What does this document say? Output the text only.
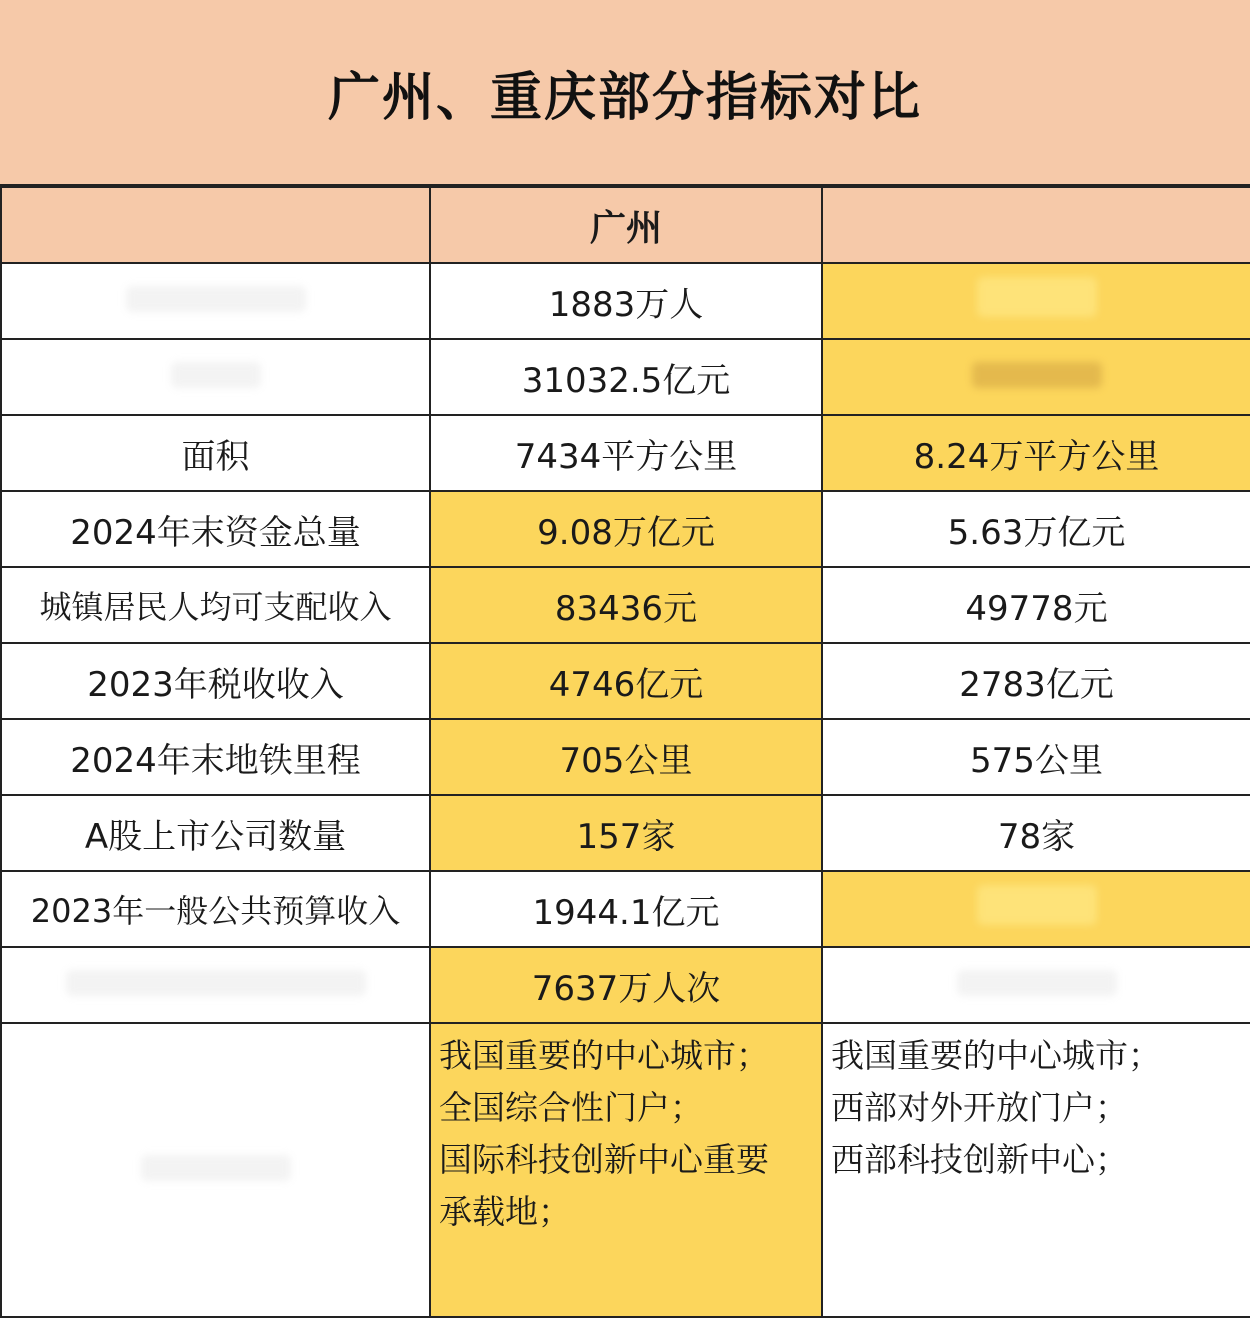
广州、重庆部分指标对比
	广州	
	1883万人	
	31032.5亿元	
面积	7434平方公里	8.24万平方公里
2024年末资金总量	9.08万亿元	5.63万亿元
城镇居民人均可支配收入	83436元	49778元
2023年税收收入	4746亿元	2783亿元
2024年末地铁里程	705公里	575公里
A股上市公司数量	157家	78家
2023年一般公共预算收入	1944.1亿元	
	7637万人次	

	我国重要的中心城市；
全国综合性门户；
国际科技创新中心重要
承载地；	我国重要的中心城市；
西部对外开放门户；
西部科技创新中心；
